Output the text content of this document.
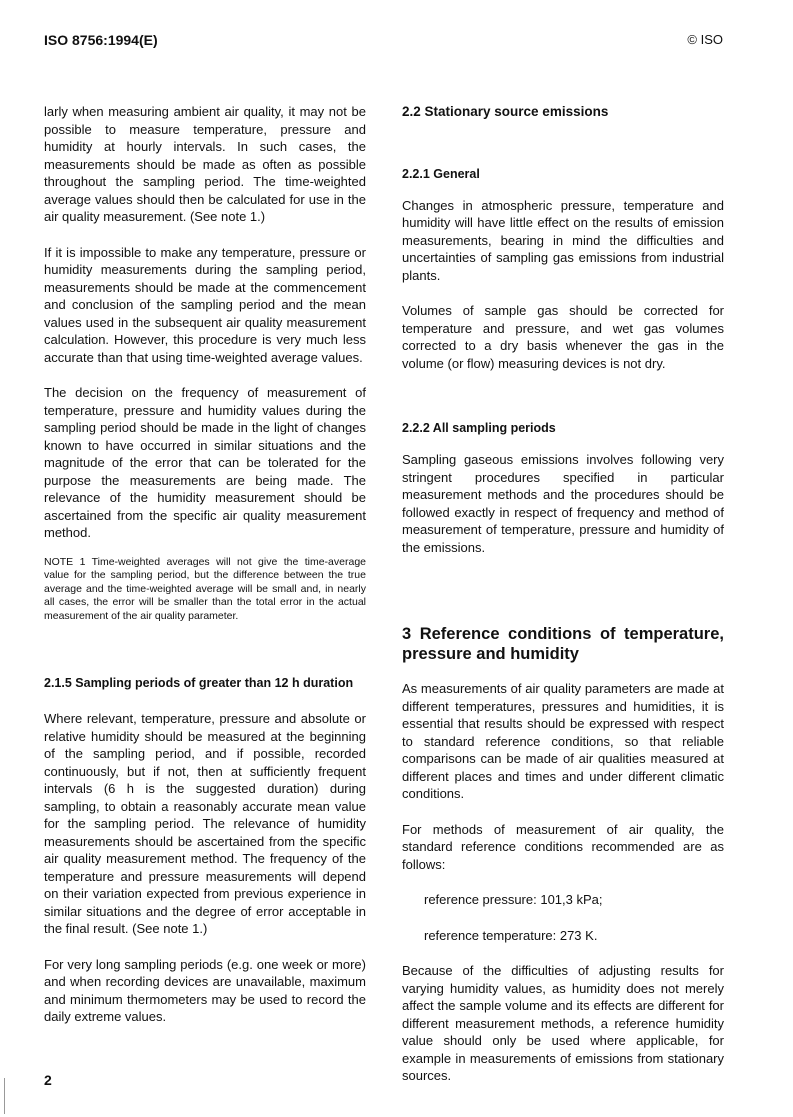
ISO 8756:1994(E)	© ISO

larly when measuring ambient air quality, it may not be possible to measure temperature, pressure and humidity at hourly intervals. In such cases, the measurements should be made as often as possible throughout the sampling period. The time-weighted average values should then be calculated for use in the air quality measurement. (See note 1.)

If it is impossible to make any temperature, pressure or humidity measurements during the sampling period, measurements should be made at the commencement and conclusion of the sampling period and the mean values used in the subsequent air quality measurement calculation. However, this procedure is very much less accurate than that using time-weighted average values.

The decision on the frequency of measurement of temperature, pressure and humidity values during the sampling period should be made in the light of changes known to have occurred in similar situations and the magnitude of the error that can be tolerated for the purpose the measurements are being made. The relevance of the humidity measurement should be ascertained from the specific air quality measurement method.

NOTE 1 Time-weighted averages will not give the time-average value for the sampling period, but the difference between the true average and the time-weighted average will be small and, in nearly all cases, the error will be smaller than the total error in the actual measurement of the air quality parameter.

2.1.5 Sampling periods of greater than 12 h duration

Where relevant, temperature, pressure and absolute or relative humidity should be measured at the beginning of the sampling period, and if possible, recorded continuously, but if not, then at sufficiently frequent intervals (6 h is the suggested duration) during sampling, to obtain a reasonably accurate mean value for the sampling period. The relevance of humidity measurements should be ascertained from the specific air quality measurement method. The frequency of the temperature and pressure measurements will depend on their variation expected from previous experience in similar situations and the degree of error acceptable in the final result. (See note 1.)

For very long sampling periods (e.g. one week or more) and when recording devices are unavailable, maximum and minimum thermometers may be used to record the daily extreme values.

2.2 Stationary source emissions

2.2.1 General

Changes in atmospheric pressure, temperature and humidity will have little effect on the results of emission measurements, bearing in mind the difficulties and uncertainties of sampling gas emissions from industrial plants.

Volumes of sample gas should be corrected for temperature and pressure, and wet gas volumes corrected to a dry basis whenever the gas in the volume (or flow) measuring devices is not dry.

2.2.2 All sampling periods

Sampling gaseous emissions involves following very stringent procedures specified in particular measurement methods and the procedures should be followed exactly in respect of frequency and method of measurement of temperature, pressure and humidity of the emissions.

3 Reference conditions of temperature, pressure and humidity

As measurements of air quality parameters are made at different temperatures, pressures and humidities, it is essential that results should be expressed with respect to standard reference conditions, so that reliable comparisons can be made of air qualities measured at different places and times and under different climatic conditions.

For methods of measurement of air quality, the standard reference conditions recommended are as follows:

reference pressure: 101,3 kPa;

reference temperature: 273 K.

Because of the difficulties of adjusting results for varying humidity values, as humidity does not merely affect the sample volume and its effects are different for different measurement methods, a reference humidity value should only be used where applicable, for example in measurements of emissions from stationary sources.

2
